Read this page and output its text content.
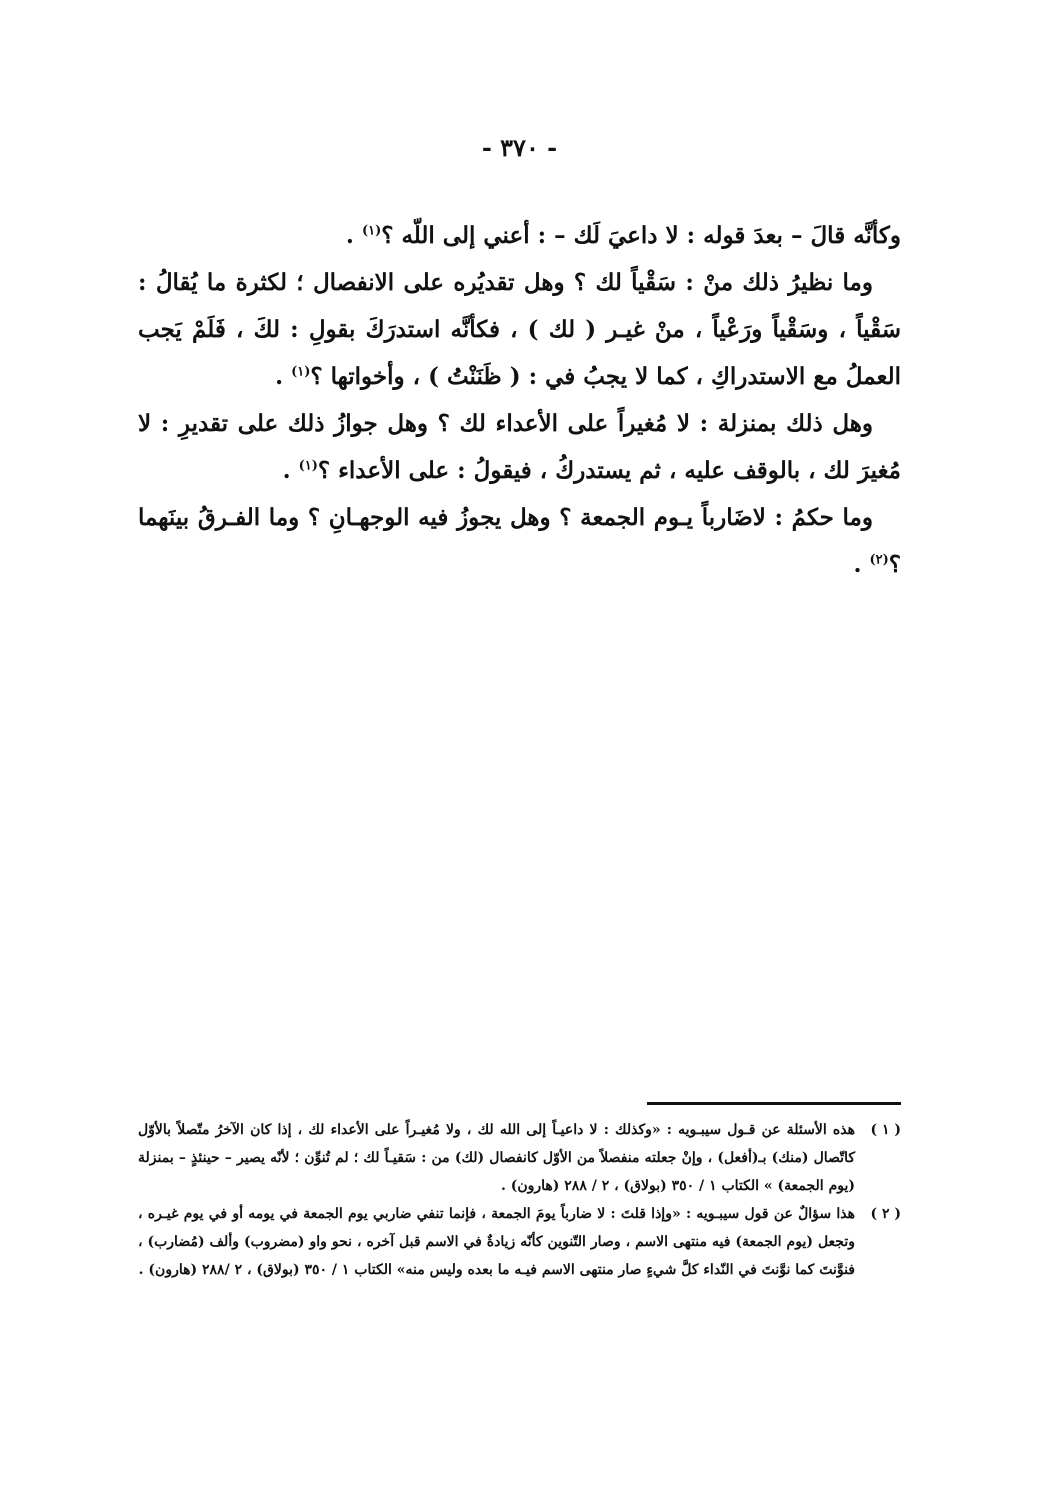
- ٣٧٠ -

وكأنَّه قالَ – بعدَ قوله : لا داعيَ لَك – : أعني إلى اللّه ؟$^{(١)}$ .

وما نظيرُ ذلك منْ : سَقْياً لك ؟ وهل تقديُره على الانفصال ؛ لكثرة ما يُقالُ : سَقْياً ، وسَقْياً ورَعْياً ، منْ غيـر ( لك ) ، فكأنَّه استدرَكَ بقولِ : لكَ ، فَلَمْ يَجب العملُ مع الاستدراكِ ، كما لا يجبُ في : ( ظَنَنْتُ ) ، وأخواتها ؟$^{(١)}$ .

وهل ذلك بمنزلة : لا مُغيراً على الأعداء لك ؟ وهل جوازُ ذلك على تقديرِ : لا مُغيرَ لك ، بالوقف عليه ، ثم يستدركُ ، فيقولُ : على الأعداء ؟$^{(١)}$ .

وما حكمُ : لاضَارباً يـوم الجمعة ؟ وهل يجوزُ فيه الوجهـانِ ؟ وما الفـرقُ بينَهما ؟$^{(٢)}$ .

( ١ )
هذه الأسئلة عن قـول سيبـويه : «وكذلك : لا داعيـاً إلى الله لك ، ولا مُغيـراً على الأعداء لك ، إذا كان الآخرُ متّصلاً بالأوّل كاتّصال (منك) بـ(أفعل) ، وإنْ جعلته منفصلاً من الأوّل كانفصال (لك) من : سَقيـاً لك ؛ لم تُنوِّن ؛ لأنّه يصير – حينئذٍ – بمنزلة (يوم الجمعة) » الكتاب ١ / ٣٥٠ (بولاق) ، ٢ / ٢٨٨ (هارون) .
( ٢ )
هذا سؤالٌ عن قول سيبـويه : «وإذا قلتَ : لا ضارباً يومَ الجمعة ، فإنما تنفي ضاربي يوم الجمعة في يومه أو في يوم غيـره ، وتجعل (يوم الجمعة) فيه منتهى الاسم ، وصار التّنوين كأنّه زيادةٌ في الاسم قبل آخره ، نحو واو (مضروب) وألف (مُضارب) ، فنوَّنتَ كما نوَّنتَ في النّداء كلَّ شيءٍ صار منتهى الاسم فيـه ما بعده وليس منه» الكتاب ١ / ٣٥٠ (بولاق) ، ٢ /٢٨٨ (هارون) .
